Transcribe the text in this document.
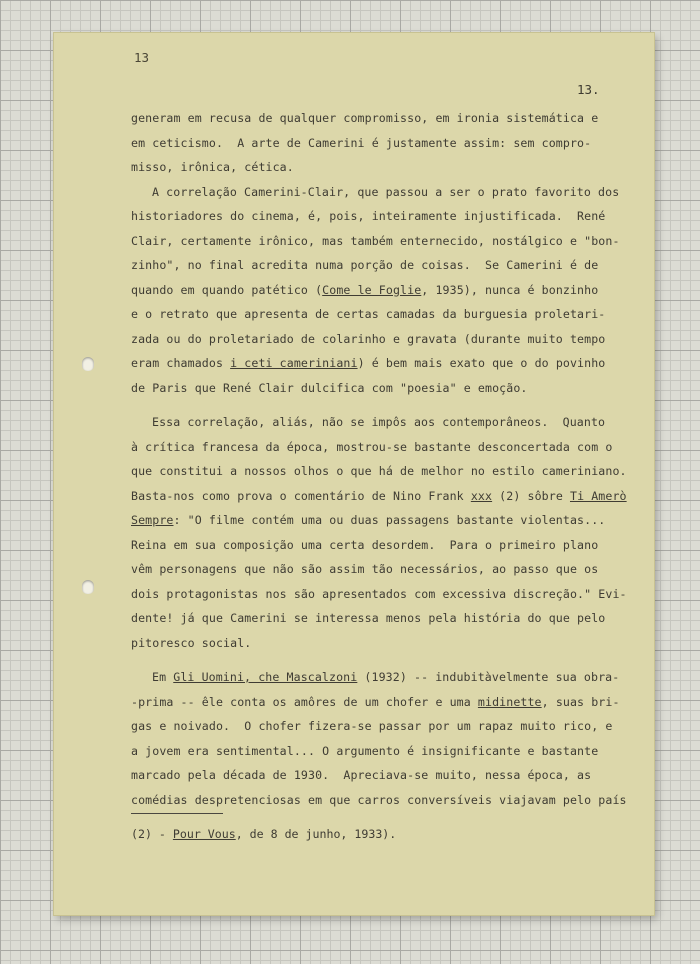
13
13.
generam em recusa de qualquer compromisso, em ironia sistemática e
em ceticismo.  A arte de Camerini é justamente assim: sem compro-
misso, irônica, cética.
A correlação Camerini-Clair, que passou a ser o prato favorito dos
historiadores do cinema, é, pois, inteiramente injustificada.  René
Clair, certamente irônico, mas também enternecido, nostálgico e "bon-
zinho", no final acredita numa porção de coisas.  Se Camerini é de
quando em quando patético (Come le Foglie, 1935), nunca é bonzinho
e o retrato que apresenta de certas camadas da burguesia proletari-
zada ou do proletariado de colarinho e gravata (durante muito tempo
eram chamados i ceti cameriniani) é bem mais exato que o do povinho
de Paris que René Clair dulcifica com "poesia" e emoção.
Essa correlação, aliás, não se impôs aos contemporâneos.  Quanto
à crítica francesa da época, mostrou-se bastante desconcertada com o
que constitui a nossos olhos o que há de melhor no estilo cameriniano.
Basta-nos como prova o comentário de Nino Frank xxx (2) sôbre Ti Amerò
Sempre: "O filme contém uma ou duas passagens bastante violentas...
Reina em sua composição uma certa desordem.  Para o primeiro plano
vêm personagens que não são assim tão necessários, ao passo que os
dois protagonistas nos são apresentados com excessiva discreção." Evi-
dente! já que Camerini se interessa menos pela história do que pelo
pitoresco social.
Em Gli Uomini, che Mascalzoni (1932) -- indubitàvelmente sua obra-
-prima -- êle conta os amôres de um chofer e uma midinette, suas bri-
gas e noivado.  O chofer fizera-se passar por um rapaz muito rico, e
a jovem era sentimental... O argumento é insignificante e bastante
marcado pela década de 1930.  Apreciava-se muito, nessa época, as
comédias despretenciosas em que carros conversíveis viajavam pelo país
(2) - Pour Vous, de 8 de junho, 1933).
